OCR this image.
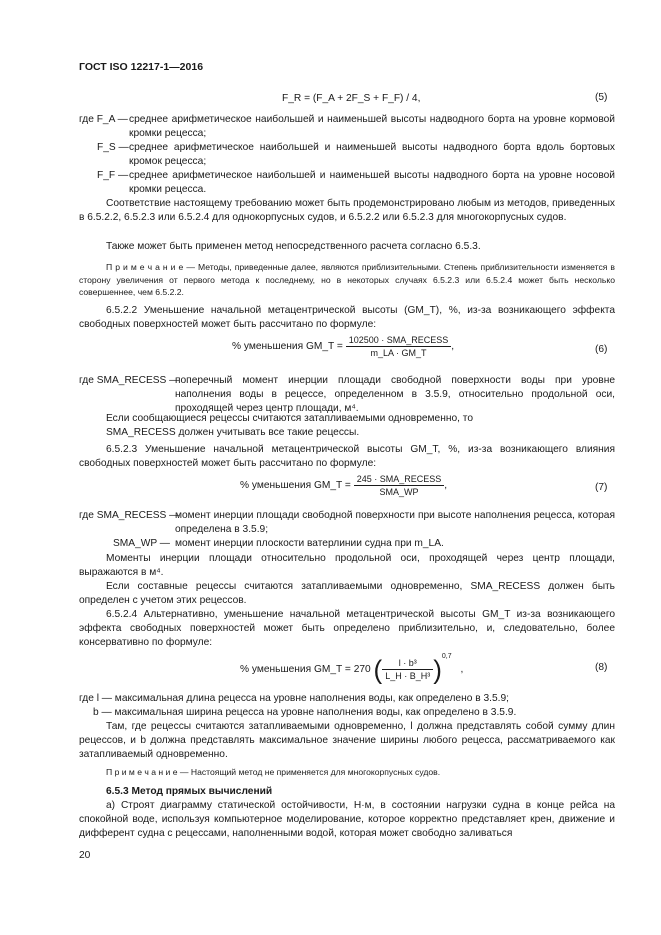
ГОСТ ISO 12217-1—2016
F_R = (F_A + 2F_S + F_F) / 4,	(5)
где F_A — среднее арифметическое наибольшей и наименьшей высоты надводного борта на уровне кормовой кромки рецесса;
F_S — среднее арифметическое наибольшей и наименьшей высоты надводного борта вдоль бортовых кромок рецесса;
F_F — среднее арифметическое наибольшей и наименьшей высоты надводного борта на уровне носовой кромки рецесса.
Соответствие настоящему требованию может быть продемонстрировано любым из методов, приведенных в 6.5.2.2, 6.5.2.3 или 6.5.2.4 для однокорпусных судов, и 6.5.2.2 или 6.5.2.3 для многокорпусных судов.
Также может быть применен метод непосредственного расчета согласно 6.5.3.
П р и м е ч а н и е — Методы, приведенные далее, являются приблизительными. Степень приблизительности изменяется в сторону увеличения от первого метода к последнему, но в некоторых случаях 6.5.2.3 или 6.5.2.4 может быть несколько совершеннее, чем 6.5.2.2.
6.5.2.2 Уменьшение начальной метацентрической высоты (GM_T), %, из-за возникающего эффекта свободных поверхностей может быть рассчитано по формуле:
% уменьшения GM_T = $\frac{\text{102500 · SMA\_RECESS}}{m\_LA \cdot GM\_T}$ ,	(6)
где SMA_RECESS —
поперечный момент инерции площади свободной поверхности воды при уровне наполнения воды в рецессе, определенном в 3.5.9, относительно продольной оси, проходящей через центр площади, м⁴.
Если сообщающиеся рецессы считаются затапливаемыми одновременно, то
SMA_RECESS должен учитывать все такие рецессы.
6.5.2.3 Уменьшение начальной метацентрической высоты GM_T, %, из-за возникающего влияния свободных поверхностей может быть рассчитано по формуле:
% уменьшения GM_T = $\frac{\text{245 · SMA\_RECESS}}{\text{SMA\_WP}}$ ,	(7)
где SMA_RECESS —
момент инерции площади свободной поверхности при высоте наполнения рецесса, которая определена в 3.5.9;
SMA_WP — момент инерции плоскости ватерлинии судна при m_LA.
Моменты инерции площади относительно продольной оси, проходящей через центр площади, выражаются в м⁴.
Если составные рецессы считаются затапливаемыми одновременно, SMA_RECESS должен быть определен с учетом этих рецессов.
6.5.2.4 Альтернативно, уменьшение начальной метацентрической высоты GM_T из-за возникающего эффекта свободных поверхностей может быть определено приблизительно, и, следовательно, более консервативно по формуле:
% уменьшения GM_T = 270 ( $\frac{\text{l · b³}}{\text{L\_H · B\_H³}} )^{0,7}$ ,	(8)
где l — максимальная длина рецесса на уровне наполнения воды, как определено в 3.5.9;
b — максимальная ширина рецесса на уровне наполнения воды, как определено в 3.5.9.
Там, где рецессы считаются затапливаемыми одновременно, l должна представлять собой сумму длин рецессов, и b должна представлять максимальное значение ширины любого рецесса, рассматриваемого как затапливаемый одновременно.
П р и м е ч а н и е — Настоящий метод не применяется для многокорпусных судов.
6.5.3 Метод прямых вычислений
а) Строят диаграмму статической остойчивости, Н·м, в состоянии нагрузки судна в конце рейса на спокойной воде, используя компьютерное моделирование, которое корректно представляет крен, движение и дифферент судна с рецессами, наполненными водой, которая может свободно заливаться
20
